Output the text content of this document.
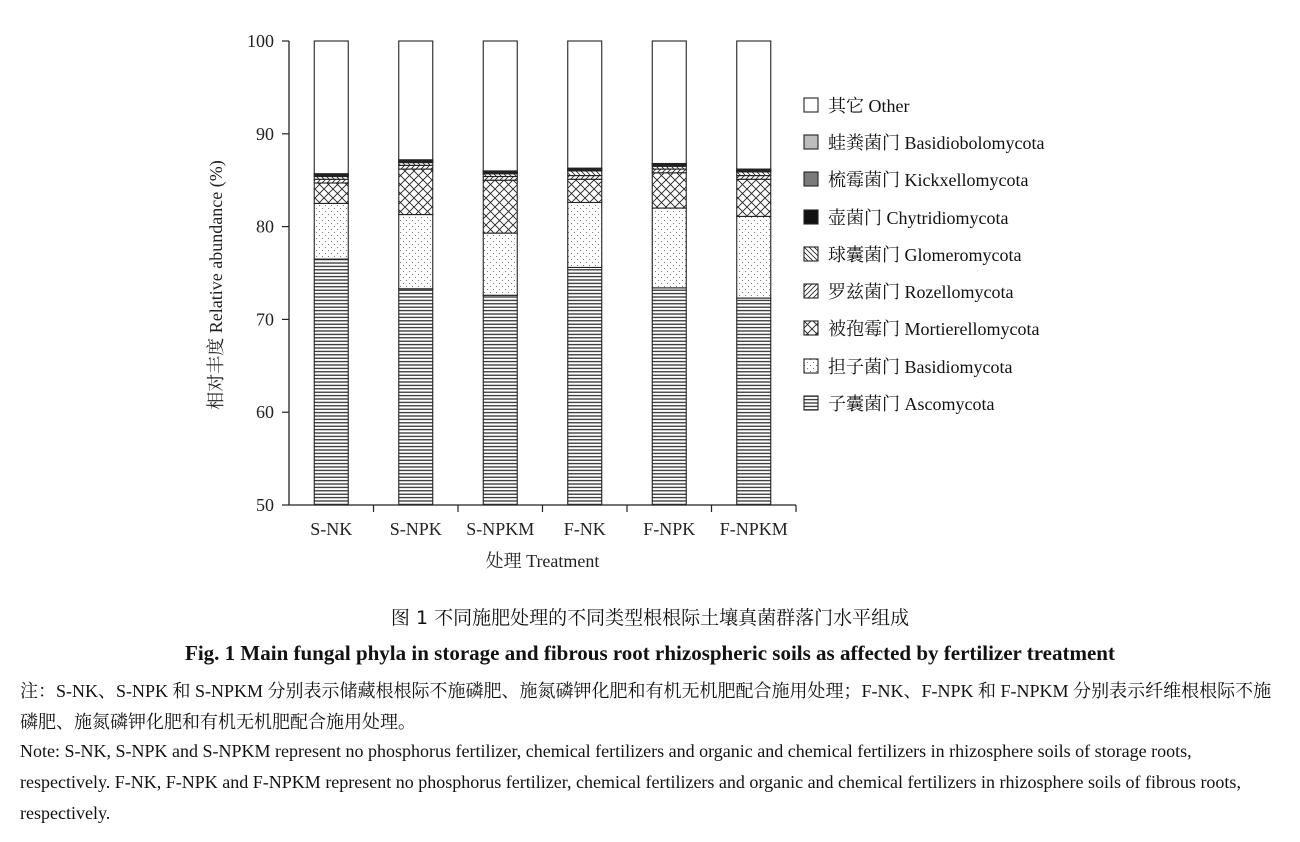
50
60
70
80
90
100
S-NK S-NPK S-NPKM F-NK F-NPK F-NPKM
处理 Treatment
相对丰度 Relative abundance (%)
其它 Other
蛙粪菌门 Basidiobolomycota
梳霉菌门 Kickxellomycota
壶菌门 Chytridiomycota
球囊菌门 Glomeromycota
罗兹菌门 Rozellomycota
被孢霉门 Mortierellomycota
担子菌门 Basidiomycota
子囊菌门 Ascomycota
图 1 不同施肥处理的不同类型根根际土壤真菌群落门水平组成
Fig. 1 Main fungal phyla in storage and fibrous root rhizospheric soils as affected by fertilizer treatment

注：S-NK、S-NPK 和 S-NPKM 分别表示储藏根根际不施磷肥、施氮磷钾化肥和有机无机肥配合施用处理；F-NK、F-NPK 和 F-NPKM 分别表示纤维根根际不施磷肥、施氮磷钾化肥和有机无机肥配合施用处理。

Note: S-NK, S-NPK and S-NPKM represent no phosphorus fertilizer, chemical fertilizers and organic and chemical fertilizers in rhizosphere soils of storage roots, respectively. F-NK, F-NPK and F-NPKM represent no phosphorus fertilizer, chemical fertilizers and organic and chemical fertilizers in rhizosphere soils of fibrous roots, respectively.
